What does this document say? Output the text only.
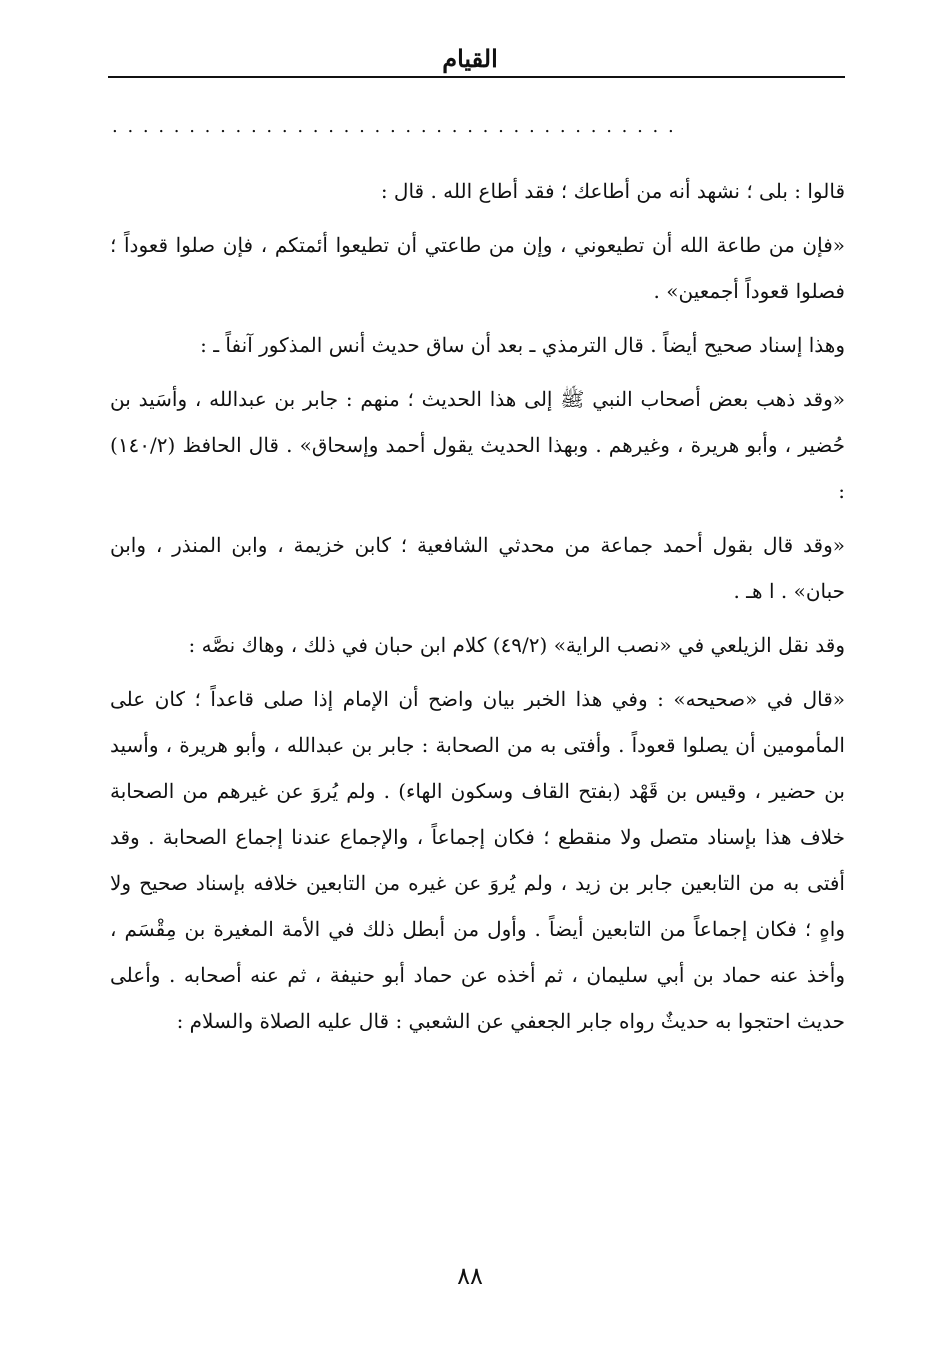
القيام
. . . . . . . . . . . . . . . . . . . . . . . . . . . . . . . . . . . . .

قالوا : بلى ؛ نشهد أنه من أطاعك ؛ فقد أطاع الله . قال :

«فإن من طاعة الله أن تطيعوني ، وإن من طاعتي أن تطيعوا أئمتكم ، فإن صلوا قعوداً ؛ فصلوا قعوداً أجمعين» .

وهذا إسناد صحيح أيضاً . قال الترمذي ـ بعد أن ساق حديث أنس المذكور آنفاً ـ :

«وقد ذهب بعض أصحاب النبي ﷺ إلى هذا الحديث ؛ منهم : جابر بن عبدالله ، وأسَيد بن حُضير ، وأبو هريرة ، وغيرهم . وبهذا الحديث يقول أحمد وإسحاق» . قال الحافظ (١٤٠/٢) :

«وقد قال بقول أحمد جماعة من محدثي الشافعية ؛ كابن خزيمة ، وابن المنذر ، وابن حبان» . ا هـ .

وقد نقل الزيلعي في «نصب الراية» (٤٩/٢) كلام ابن حبان في ذلك ، وهاك نصَّه :

«قال في «صحيحه» : وفي هذا الخبر بيان واضح أن الإمام إذا صلى قاعداً ؛ كان على المأمومين أن يصلوا قعوداً . وأفتى به من الصحابة : جابر بن عبدالله ، وأبو هريرة ، وأسيد بن حضير ، وقيس بن قَهْد (بفتح القاف وسكون الهاء) . ولم يُروَ عن غيرهم من الصحابة خلاف هذا بإسناد متصل ولا منقطع ؛ فكان إجماعاً ، والإجماع عندنا إجماع الصحابة . وقد أفتى به من التابعين جابر بن زيد ، ولم يُروَ عن غيره من التابعين خلافه بإسناد صحيح ولا واهٍ ؛ فكان إجماعاً من التابعين أيضاً . وأول من أبطل ذلك في الأمة المغيرة بن مِقْسَم ، وأخذ عنه حماد بن أبي سليمان ، ثم أخذه عن حماد أبو حنيفة ، ثم عنه أصحابه . وأعلى حديث احتجوا به حديثٌ رواه جابر الجعفي عن الشعبي : قال عليه الصلاة والسلام :

٨٨
